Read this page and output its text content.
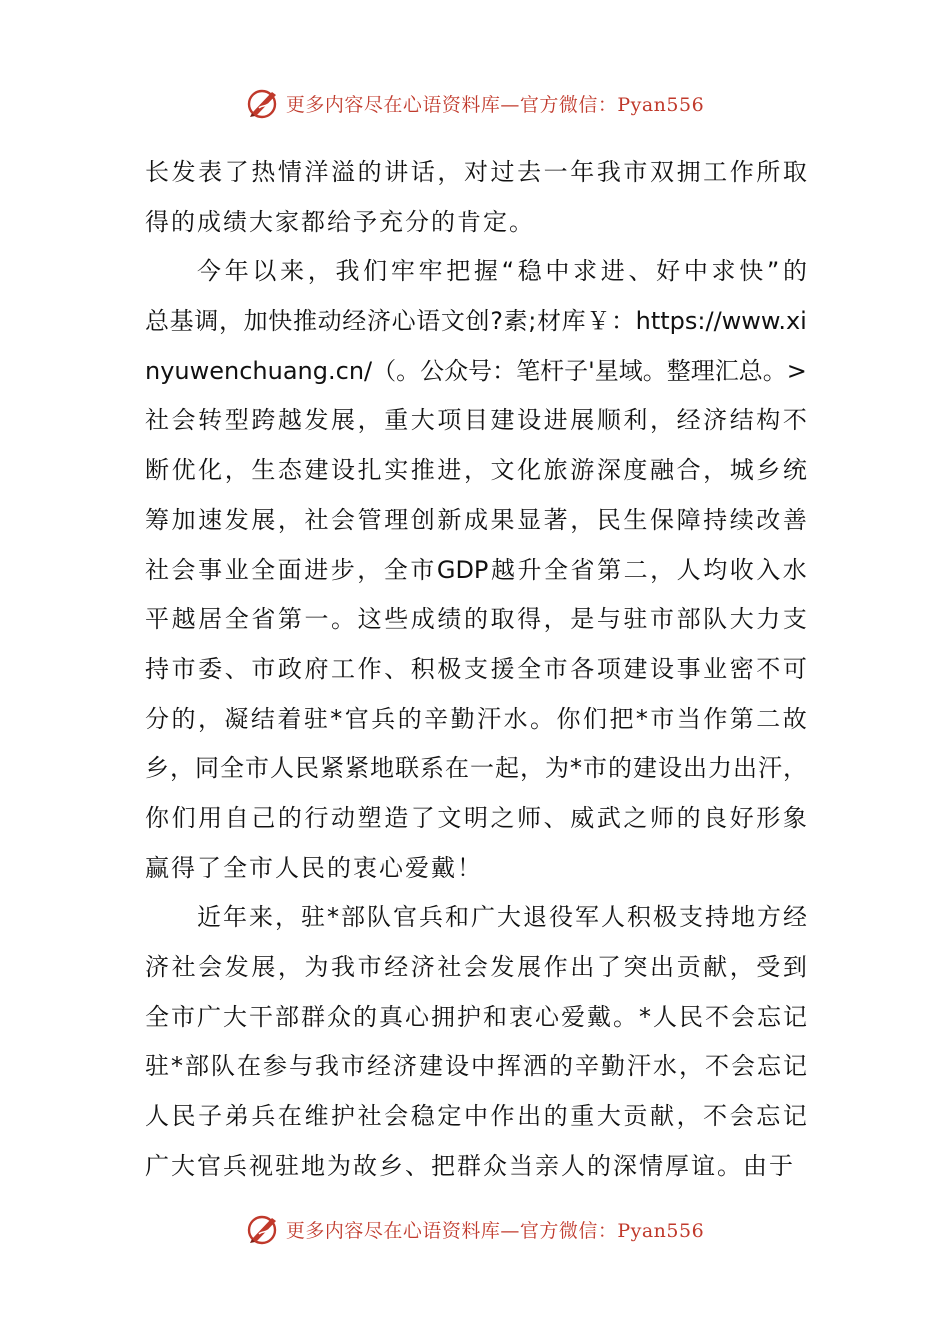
更多内容尽在心语资料库—官方微信：Pyan556
长 发 表 了 热 情 洋 溢 的 讲 话 ， 对 过 去 一 年 我 市 双 拥 工 作 所 取
得的成绩大家都给予充分的肯定。
今 年 以 来 ， 我 们 牢 牢 把 握 “ 稳 中 求 进 、 好 中 求 快 ” 的
总 基 调 ， 加 快 推 动 经 济 心 语 文 创 ? 素 ; 材 库 ￥ ： https://www.xi
nyuwenchuang.cn/ （ 。 公 众 号 ： 笔 杆 子 ' 星 域 。 整 理 汇 总 。 >
社 会 转 型 跨 越 发 展 ， 重 大 项 目 建 设 进 展 顺 利 ， 经 济 结 构 不
断 优 化 ， 生 态 建 设 扎 实 推 进 ， 文 化 旅 游 深 度 融 合 ， 城 乡 统
筹 加 速 发 展 ， 社 会 管 理 创 新 成 果 显 著 ， 民 生 保 障 持 续 改 善
社 会 事 业 全 面 进 步 ， 全 市 GDP 越 升 全 省 第 二 ， 人 均 收 入 水
平 越 居 全 省 第 一 。 这 些 成 绩 的 取 得 ， 是 与 驻 市 部 队 大 力 支
持 市 委 、 市 政 府 工 作 、 积 极 支 援 全 市 各 项 建 设 事 业 密 不 可
分 的 ， 凝 结 着 驻 * 官 兵 的 辛 勤 汗 水 。 你 们 把 * 市 当 作 第 二 故
乡 ， 同 全 市 人 民 紧 紧 地 联 系 在 一 起 ， 为 * 市 的 建 设 出 力 出 汗 ，
你 们 用 自 己 的 行 动 塑 造 了 文 明 之 师 、 威 武 之 师 的 良 好 形 象
赢得了全市人民的衷心爱戴！
近 年 来 ， 驻 * 部 队 官 兵 和 广 大 退 役 军 人 积 极 支 持 地 方 经
济 社 会 发 展 ， 为 我 市 经 济 社 会 发 展 作 出 了 突 出 贡 献 ， 受 到
全 市 广 大 干 部 群 众 的 真 心 拥 护 和 衷 心 爱 戴 。 * 人 民 不 会 忘 记
驻 * 部 队 在 参 与 我 市 经 济 建 设 中 挥 洒 的 辛 勤 汗 水 ， 不 会 忘 记
人 民 子 弟 兵 在 维 护 社 会 稳 定 中 作 出 的 重 大 贡 献 ， 不 会 忘 记
广大官兵视驻地为故乡、把群众当亲人的深情厚谊。由于
更多内容尽在心语资料库—官方微信：Pyan556
